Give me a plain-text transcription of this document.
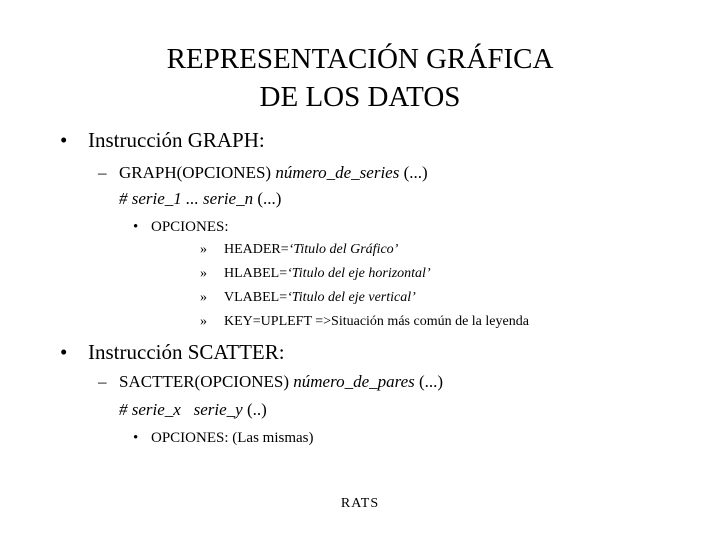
REPRESENTACIÓN GRÁFICA
DE LOS DATOS
• Instrucción GRAPH:
– GRAPH(OPCIONES) número_de_series (...)
# serie_1 ... serie_n (...)
• OPCIONES:
» HEADER=‘Titulo del Gráfico’
» HLABEL=‘Titulo del eje horizontal’
» VLABEL=‘Titulo del eje vertical’
» KEY=UPLEFT =>Situación más común de la leyenda
• Instrucción SCATTER:
– SACTTER(OPCIONES) número_de_pares (...)
# serie_x   serie_y (..)
• OPCIONES: (Las mismas)
RATS
